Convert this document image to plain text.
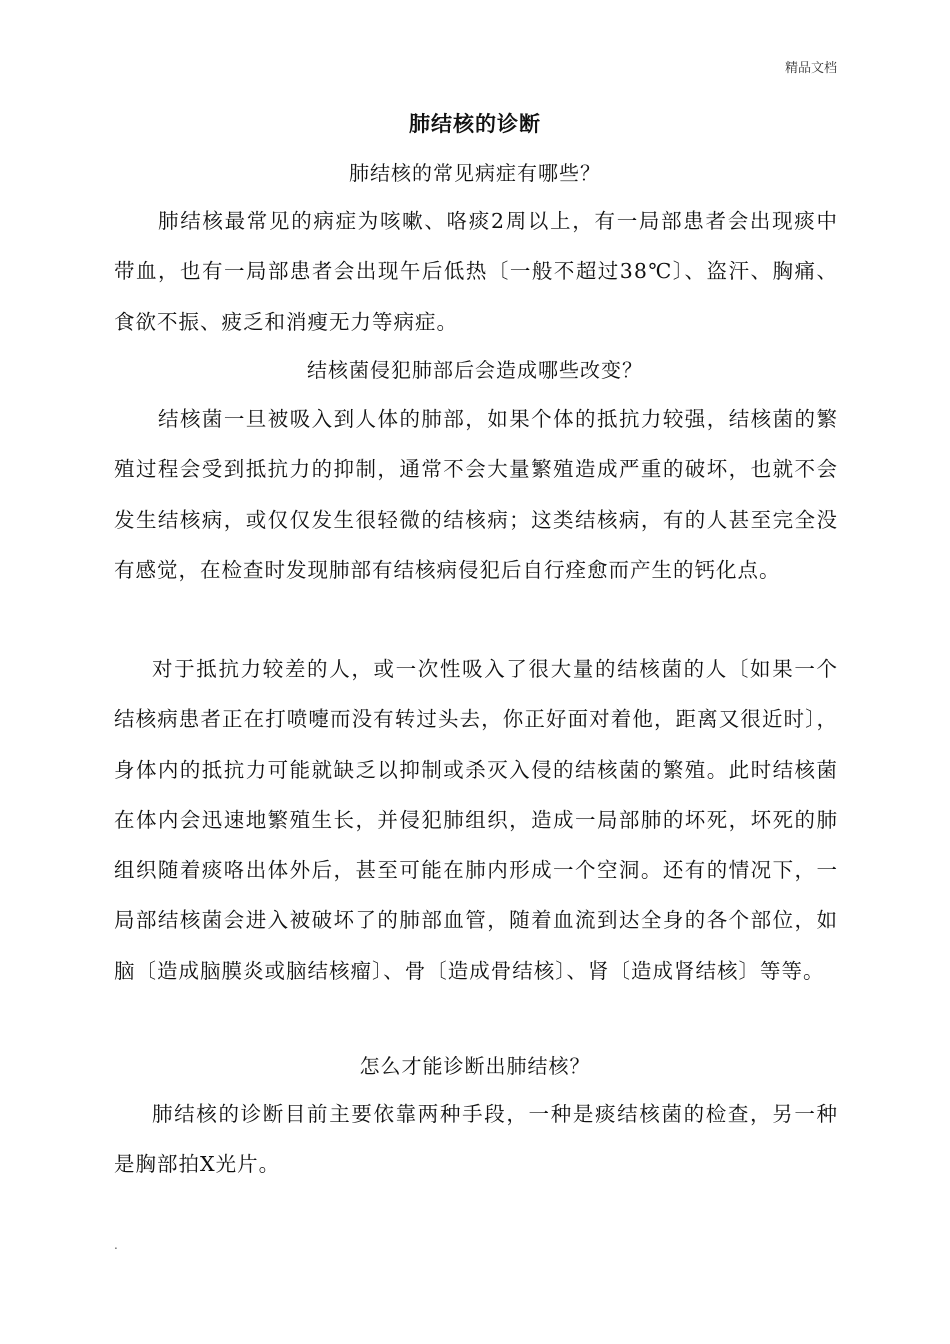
精品文档
肺结核的诊断
肺结核的常见病症有哪些？

肺结核最常见的病症为咳嗽、咯痰2周以上，有一局部患者会出现痰中带血，也有一局部患者会出现午后低热〔一般不超过38℃〕、盗汗、胸痛、食欲不振、疲乏和消瘦无力等病症。

结核菌侵犯肺部后会造成哪些改变？

结核菌一旦被吸入到人体的肺部，如果个体的抵抗力较强，结核菌的繁殖过程会受到抵抗力的抑制，通常不会大量繁殖造成严重的破坏，也就不会发生结核病，或仅仅发生很轻微的结核病；这类结核病，有的人甚至完全没有感觉，在检查时发现肺部有结核病侵犯后自行痊愈而产生的钙化点。

对于抵抗力较差的人，或一次性吸入了很大量的结核菌的人〔如果一个结核病患者正在打喷嚏而没有转过头去，你正好面对着他，距离又很近时〕，身体内的抵抗力可能就缺乏以抑制或杀灭入侵的结核菌的繁殖。此时结核菌在体内会迅速地繁殖生长，并侵犯肺组织，造成一局部肺的坏死，坏死的肺组织随着痰咯出体外后，甚至可能在肺内形成一个空洞。还有的情况下，一局部结核菌会进入被破坏了的肺部血管，随着血流到达全身的各个部位，如脑〔造成脑膜炎或脑结核瘤〕、骨〔造成骨结核〕、肾〔造成肾结核〕等等。

怎么才能诊断出肺结核？

肺结核的诊断目前主要依靠两种手段，一种是痰结核菌的检查，另一种是胸部拍X光片。

.
